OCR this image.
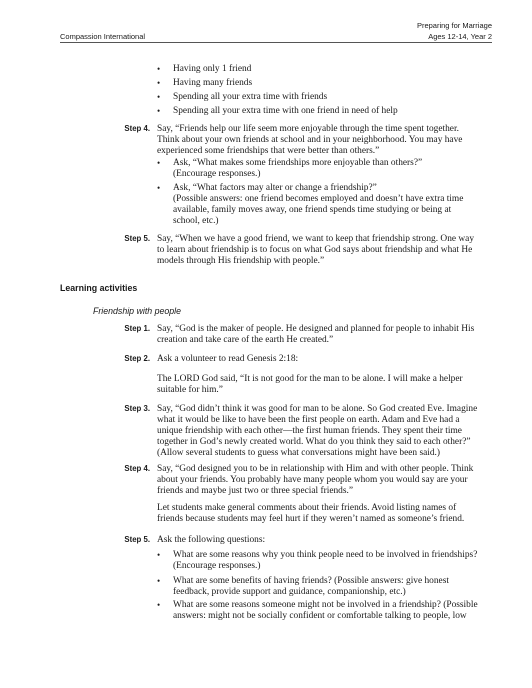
Compassion International
Preparing for Marriage
Ages 12-14, Year 2
• Having only 1 friend
• Having many friends
• Spending all your extra time with friends
• Spending all your extra time with one friend in need of help
Step 4. Say, “Friends help our life seem more enjoyable through the time spent together.
Think about your own friends at school and in your neighborhood. You may have
experienced some friendships that were better than others.”
• Ask, “What makes some friendships more enjoyable than others?”
(Encourage responses.)
• Ask, “What factors may alter or change a friendship?”
(Possible answers: one friend becomes employed and doesn’t have extra time
available, family moves away, one friend spends time studying or being at
school, etc.)
Step 5. Say, “When we have a good friend, we want to keep that friendship strong. One way
to learn about friendship is to focus on what God says about friendship and what He
models through His friendship with people.”
Learning activities
Friendship with people
Step 1. Say, “God is the maker of people. He designed and planned for people to inhabit His
creation and take care of the earth He created.”
Step 2. Ask a volunteer to read Genesis 2:18:
The LORD God said, “It is not good for the man to be alone. I will make a helper
suitable for him.”
Step 3. Say, “God didn’t think it was good for man to be alone. So God created Eve. Imagine
what it would be like to have been the first people on earth. Adam and Eve had a
unique friendship with each other—the first human friends. They spent their time
together in God’s newly created world. What do you think they said to each other?”
(Allow several students to guess what conversations might have been said.)
Step 4. Say, “God designed you to be in relationship with Him and with other people. Think
about your friends. You probably have many people whom you would say are your
friends and maybe just two or three special friends.”
Let students make general comments about their friends. Avoid listing names of
friends because students may feel hurt if they weren’t named as someone’s friend.
Step 5. Ask the following questions:
• What are some reasons why you think people need to be involved in friendships?
(Encourage responses.)
• What are some benefits of having friends? (Possible answers: give honest
feedback, provide support and guidance, companionship, etc.)
• What are some reasons someone might not be involved in a friendship? (Possible
answers: might not be socially confident or comfortable talking to people, low
